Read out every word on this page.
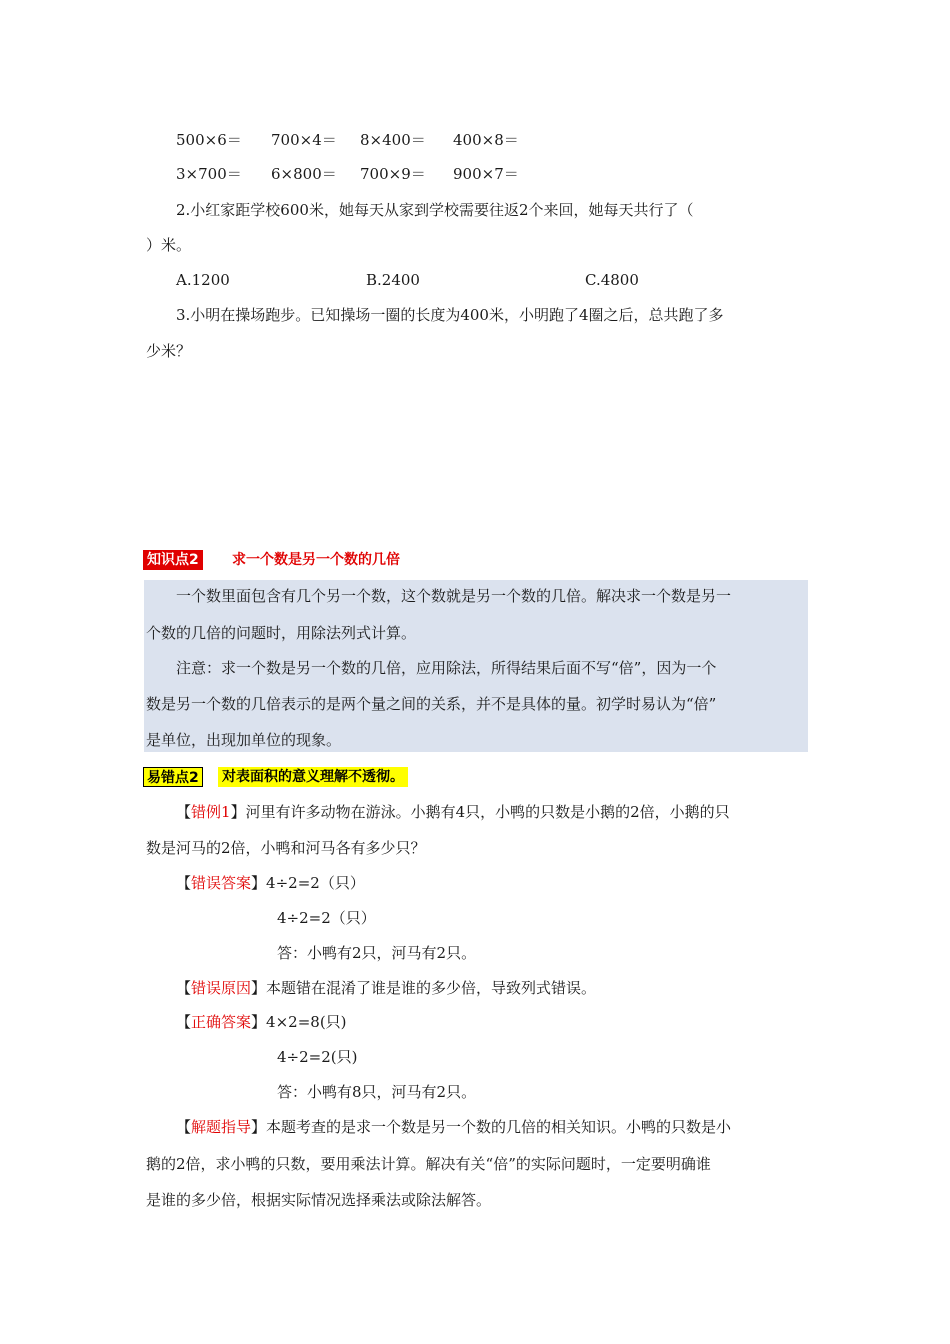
500×6＝ 700×4＝ 8×400＝ 400×8＝
3×700＝ 6×800＝ 700×9＝ 900×7＝
2.小红家距学校600米，她每天从家到学校需要往返2个来回，她每天共行了（
）米。
A.1200	B.2400	C.4800
3.小明在操场跑步。已知操场一圈的长度为400米，小明跑了4圈之后，总共跑了多
少米？
知识点2 求一个数是另一个数的几倍
一个数里面包含有几个另一个数，这个数就是另一个数的几倍。解决求一个数是另一
个数的几倍的问题时，用除法列式计算。
注意：求一个数是另一个数的几倍，应用除法，所得结果后面不写“倍”，因为一个
数是另一个数的几倍表示的是两个量之间的关系，并不是具体的量。初学时易认为“倍”
是单位，出现加单位的现象。
易错点2 对表面积的意义理解不透彻。
【错例1】河里有许多动物在游泳。小鹅有4只，小鸭的只数是小鹅的2倍，小鹅的只
数是河马的2倍，小鸭和河马各有多少只？
【错误答案】4÷2=2（只）
4÷2=2（只）
答：小鸭有2只，河马有2只。
【错误原因】本题错在混淆了谁是谁的多少倍，导致列式错误。
【正确答案】4×2=8(只)
4÷2=2(只)
答：小鸭有8只，河马有2只。
【解题指导】本题考查的是求一个数是另一个数的几倍的相关知识。小鸭的只数是小
鹅的2倍，求小鸭的只数，要用乘法计算。解决有关“倍”的实际问题时，一定要明确谁
是谁的多少倍，根据实际情况选择乘法或除法解答。
